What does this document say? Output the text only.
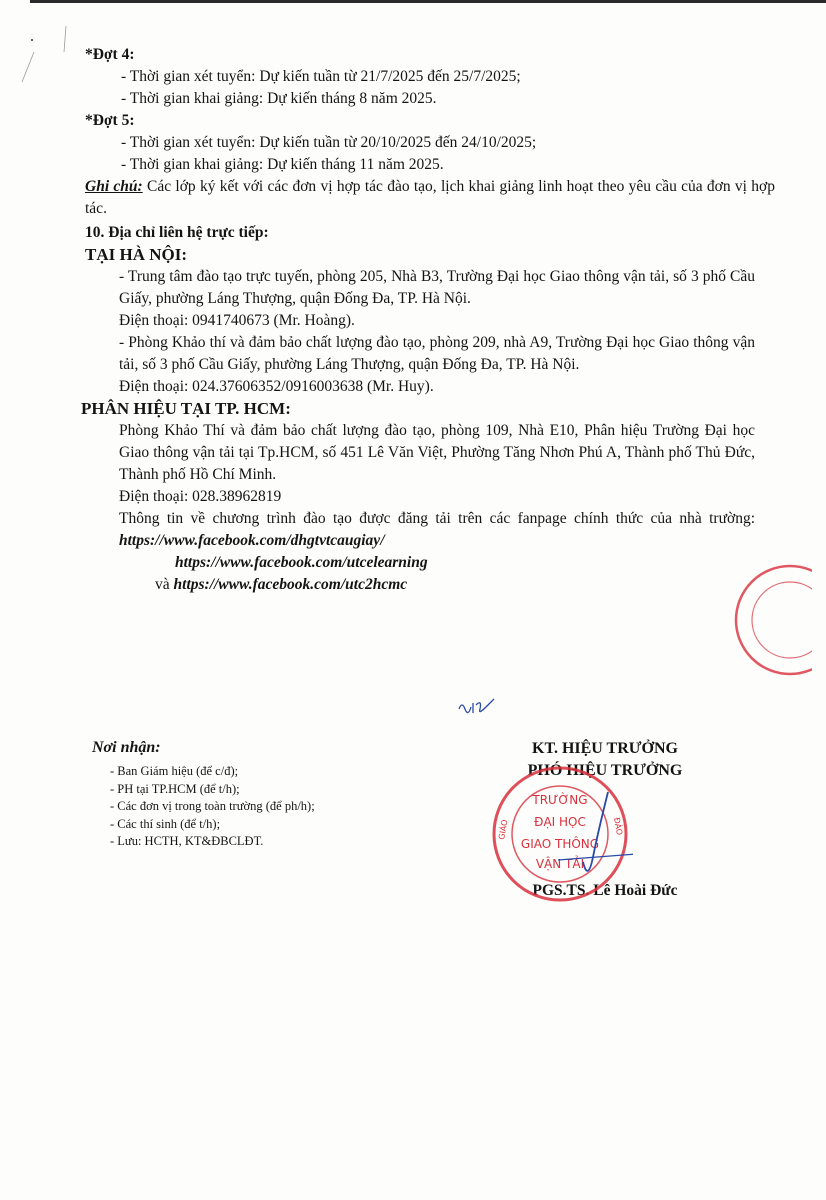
*Đợt 4:
- Thời gian xét tuyển: Dự kiến tuần từ 21/7/2025 đến 25/7/2025;
- Thời gian khai giảng: Dự kiến tháng 8 năm 2025.
*Đợt 5:
- Thời gian xét tuyển: Dự kiến tuần từ 20/10/2025 đến 24/10/2025;
- Thời gian khai giảng: Dự kiến tháng 11 năm 2025.
Ghi chú: Các lớp ký kết với các đơn vị hợp tác đào tạo, lịch khai giảng linh hoạt theo yêu cầu của đơn vị hợp tác.
10. Địa chỉ liên hệ trực tiếp:
TẠI HÀ NỘI:
- Trung tâm đào tạo trực tuyến, phòng 205, Nhà B3, Trường Đại học Giao thông vận tải, số 3 phố Cầu Giấy, phường Láng Thượng, quận Đống Đa, TP. Hà Nội.
Điện thoại: 0941740673 (Mr. Hoàng).
- Phòng Khảo thí và đảm bảo chất lượng đào tạo, phòng 209, nhà A9, Trường Đại học Giao thông vận tải, số 3 phố Cầu Giấy, phường Láng Thượng, quận Đống Đa, TP. Hà Nội.
Điện thoại: 024.37606352/0916003638 (Mr. Huy).
PHÂN HIỆU TẠI TP. HCM:
Phòng Khảo Thí và đảm bảo chất lượng đào tạo, phòng 109, Nhà E10, Phân hiệu Trường Đại học Giao thông vận tải tại Tp.HCM, số 451 Lê Văn Việt, Phường Tăng Nhơn Phú A, Thành phố Thủ Đức, Thành phố Hồ Chí Minh.
Điện thoại: 028.38962819
Thông tin về chương trình đào tạo được đăng tải trên các fanpage chính thức của nhà trường: https://www.facebook.com/dhgtvtcaugiay/
https://www.facebook.com/utcelearning
và https://www.facebook.com/utc2hcmc
Nơi nhận:
- Ban Giám hiệu (để c/đ);
- PH tại TP.HCM (để t/h);
- Các đơn vị trong toàn trường (để ph/h);
- Các thí sinh (để t/h);
- Lưu: HCTH, KT&ĐBCLĐT.
KT. HIỆU TRƯỞNG
PHÓ HIỆU TRƯỞNG
PGS.TS. Lê Hoài Đức
TRƯỜNG
ĐẠI HỌC
GIAO THÔNG
VẬN TẢI
GIÁO	ĐÀO
